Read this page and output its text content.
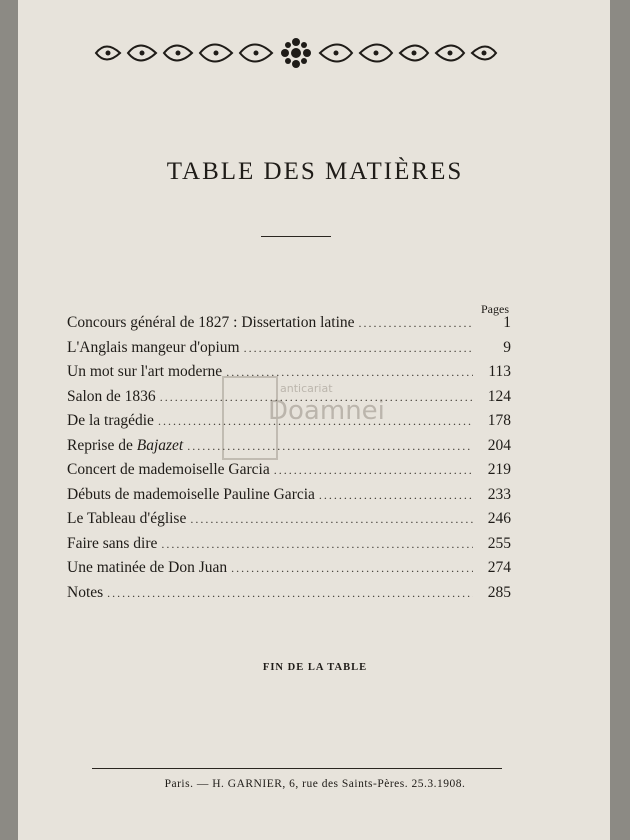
TABLE DES MATIÈRES
Pages
Concours général de 1827 : Dissertation latine .....	1
L'Anglais mangeur d'opium .....	9
Un mot sur l'art moderne .....	113
Salon de 1836 .....	124
De la tragédie .....	178
Reprise de Bajazet .....	204
Concert de mademoiselle Garcia .....	219
Débuts de mademoiselle Pauline Garcia .....	233
Le Tableau d'église .....	246
Faire sans dire .....	255
Une matinée de Don Juan .....	274
Notes .....	285
anticariat
Doamnei
FIN DE LA TABLE
Paris. — H. GARNIER, 6, rue des Saints-Pères. 25.3.1908.
